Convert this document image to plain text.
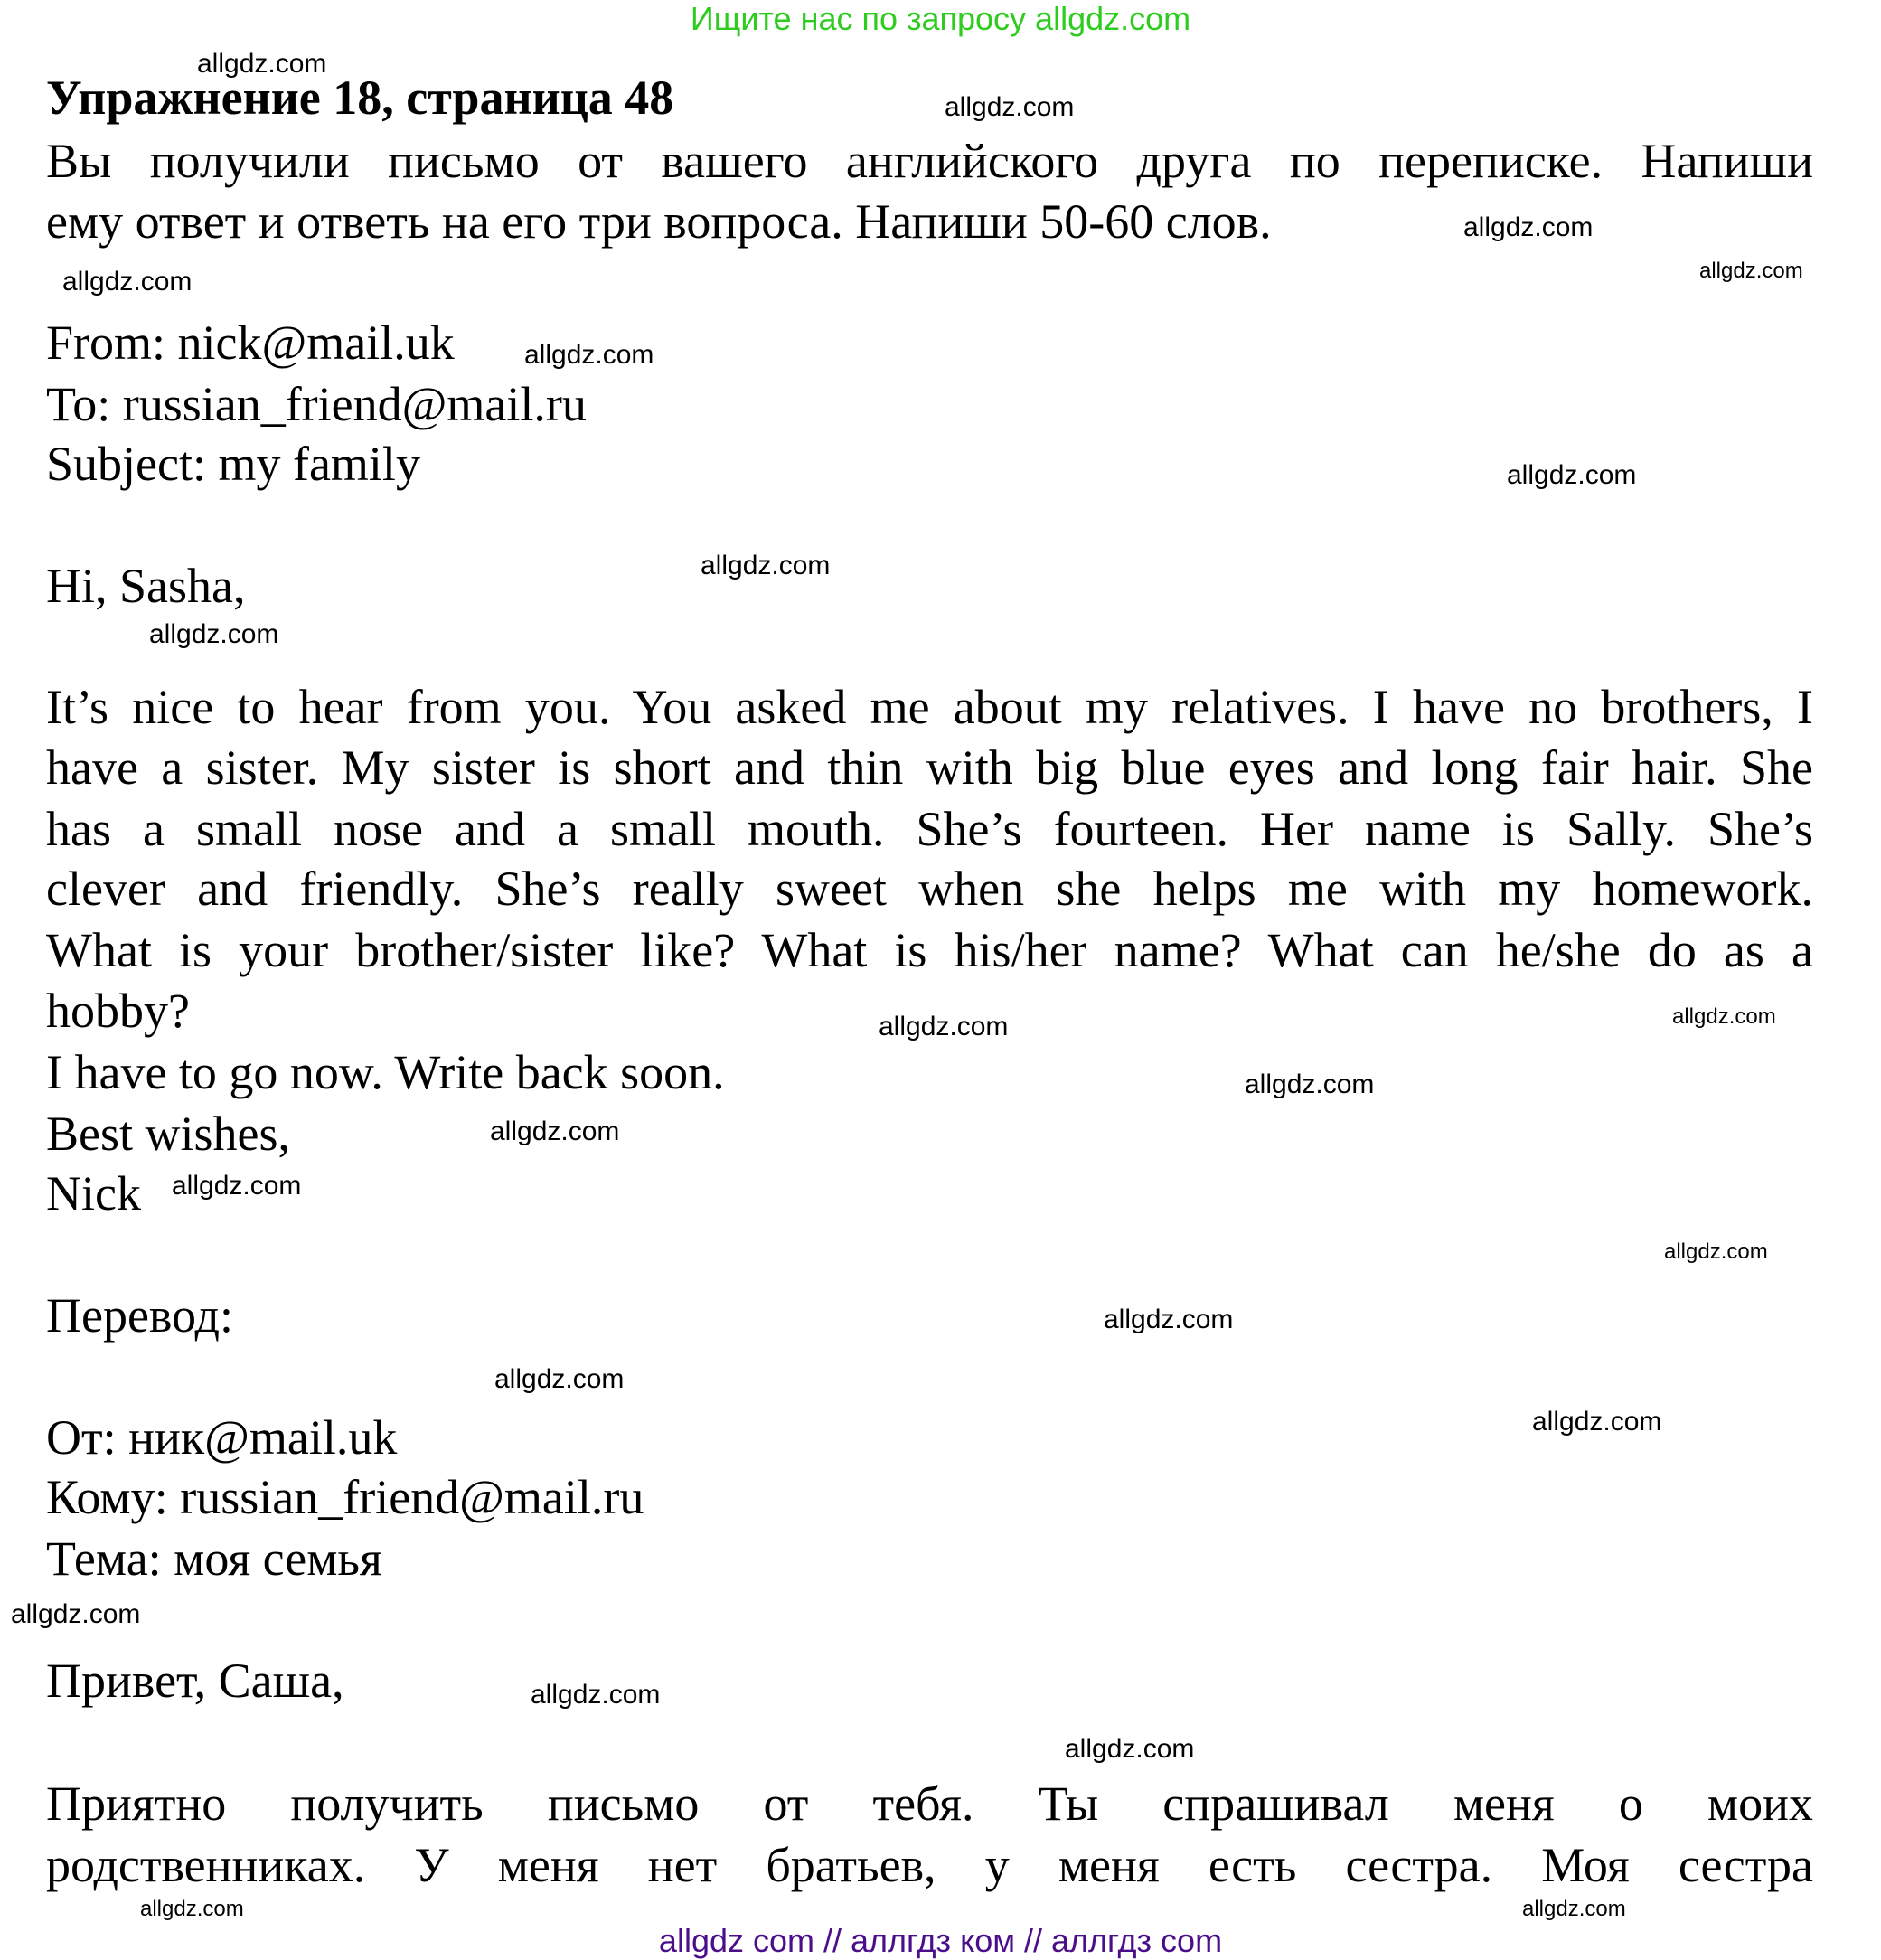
Ищите нас по запросу allgdz.com
Упражнение 18, страница 48
Вы получили письмо от вашего английского друга по переписке. Напиши
ему ответ и ответь на его три вопроса. Напиши 50-60 слов.
From: nick@mail.uk
To: russian_friend@mail.ru
Subject: my family
Hi, Sasha,
It’s nice to hear from you. You asked me about my relatives. I have no brothers, I
have a sister. My sister is short and thin with big blue eyes and long fair hair. She
has a small nose and a small mouth. She’s fourteen. Her name is Sally. She’s
clever and friendly. She’s really sweet when she helps me with my homework.
What is your brother/sister like? What is his/her name? What can he/she do as a
hobby?
I have to go now. Write back soon.
Best wishes,
Nick
Перевод:
От: ник@mail.uk
Кому: russian_friend@mail.ru
Тема: моя семья
Привет, Саша,
Приятно получить письмо от тебя. Ты спрашивал меня о моих
родственниках. У меня нет братьев, у меня есть сестра. Моя сестра
allgdz.com
allgdz.com
allgdz.com
allgdz.com
allgdz.com
allgdz.com
allgdz.com
allgdz.com
allgdz.com
allgdz.com
allgdz.com
allgdz.com
allgdz.com
allgdz.com
allgdz.com
allgdz.com
allgdz.com
allgdz.com
allgdz.com
allgdz.com
allgdz.com
allgdz.com	allgdz.com
allgdz com // аллгдз ком // аллгдз com
